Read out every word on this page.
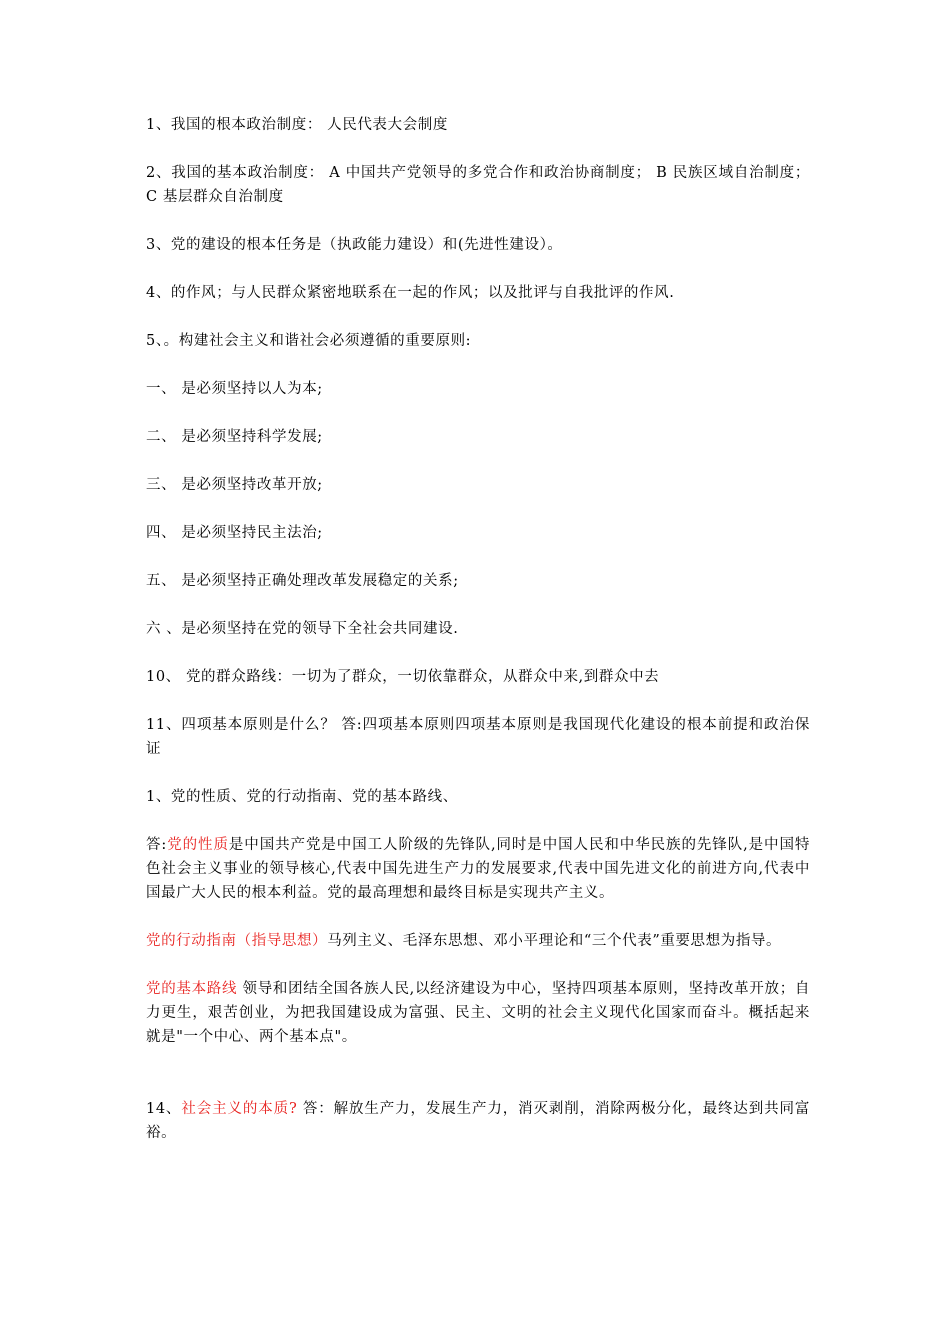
1、我国的根本政治制度： 人民代表大会制度

2、我国的基本政治制度： A 中国共产党领导的多党合作和政治协商制度； B 民族区域自治制度； C 基层群众自治制度

3、党的建设的根本任务是（执政能力建设）和(先进性建设）。

4、的作风；与人民群众紧密地联系在一起的作风；以及批评与自我批评的作风.

5、。构建社会主义和谐社会必须遵循的重要原则:

一、 是必须坚持以人为本;

二、 是必须坚持科学发展;

三、 是必须坚持改革开放;

四、 是必须坚持民主法治;

五、 是必须坚持正确处理改革发展稳定的关系;

六 、是必须坚持在党的领导下全社会共同建设.

10、 党的群众路线：一切为了群众，一切依靠群众，从群众中来,到群众中去

11、四项基本原则是什么？ 答:四项基本原则四项基本原则是我国现代化建设的根本前提和政治保证

1、党的性质、党的行动指南、党的基本路线、

答:党的性质是中国共产党是中国工人阶级的先锋队,同时是中国人民和中华民族的先锋队,是中国特色社会主义事业的领导核心,代表中国先进生产力的发展要求,代表中国先进文化的前进方向,代表中国最广大人民的根本利益。党的最高理想和最终目标是实现共产主义。

党的行动指南（指导思想）马列主义、毛泽东思想、邓小平理论和“三个代表”重要思想为指导。

党的基本路线 领导和团结全国各族人民,以经济建设为中心，坚持四项基本原则，坚持改革开放；自力更生，艰苦创业，为把我国建设成为富强、民主、文明的社会主义现代化国家而奋斗。概括起来就是"一个中心、两个基本点"。

14、社会主义的本质? 答：解放生产力，发展生产力，消灭剥削，消除两极分化，最终达到共同富裕。
